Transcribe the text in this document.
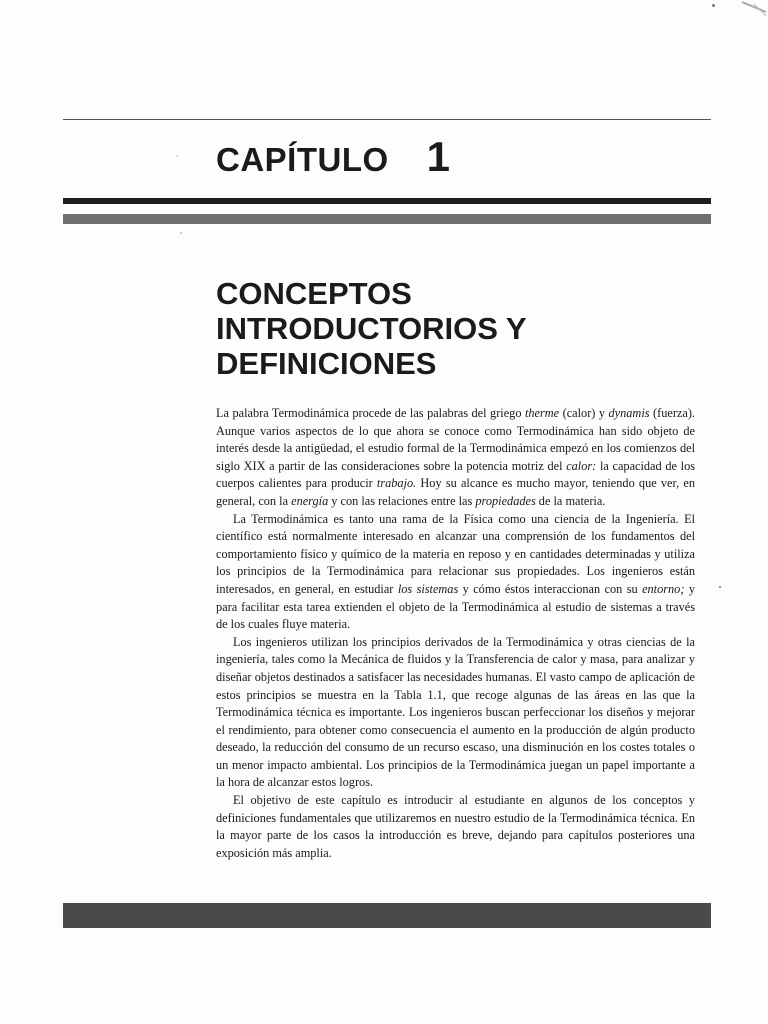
CAPÍTULO 1
CONCEPTOS
INTRODUCTORIOS Y
DEFINICIONES

La palabra Termodinámica procede de las palabras del griego therme (calor) y dynamis (fuerza). Aunque varios aspectos de lo que ahora se conoce como Termodinámica han sido objeto de interés desde la antigüedad, el estudio formal de la Termodinámica empezó en los comienzos del siglo XIX a partir de las consideraciones sobre la potencia motriz del calor: la capacidad de los cuerpos calientes para producir trabajo. Hoy su alcance es mucho mayor, teniendo que ver, en general, con la energía y con las relaciones entre las propiedades de la materia.

La Termodinámica es tanto una rama de la Física como una ciencia de la Ingeniería. El científico está normalmente interesado en alcanzar una comprensión de los fundamentos del comportamiento físico y químico de la materia en reposo y en cantidades determinadas y utiliza los principios de la Termodinámica para relacionar sus propiedades. Los ingenieros están interesados, en general, en estudiar los sistemas y cómo éstos interaccionan con su entorno; y para facilitar esta tarea extienden el objeto de la Termodinámica al estudio de sistemas a través de los cuales fluye materia.

Los ingenieros utilizan los principios derivados de la Termodinámica y otras ciencias de la ingeniería, tales como la Mecánica de fluidos y la Transferencia de calor y masa, para analizar y diseñar objetos destinados a satisfacer las necesidades humanas. El vasto campo de aplicación de estos principios se muestra en la Tabla 1.1, que recoge algunas de las áreas en las que la Termodinámica técnica es importante. Los ingenieros buscan perfeccionar los diseños y mejorar el rendimiento, para obtener como consecuencia el aumento en la producción de algún producto deseado, la reducción del consumo de un recurso escaso, una disminución en los costes totales o un menor impacto ambiental. Los principios de la Termodinámica juegan un papel importante a la hora de alcanzar estos logros.

El objetivo de este capítulo es introducir al estudiante en algunos de los conceptos y definiciones fundamentales que utilizaremos en nuestro estudio de la Termodinámica técnica. En la mayor parte de los casos la introducción es breve, dejando para capítulos posteriores una exposición más amplia.
